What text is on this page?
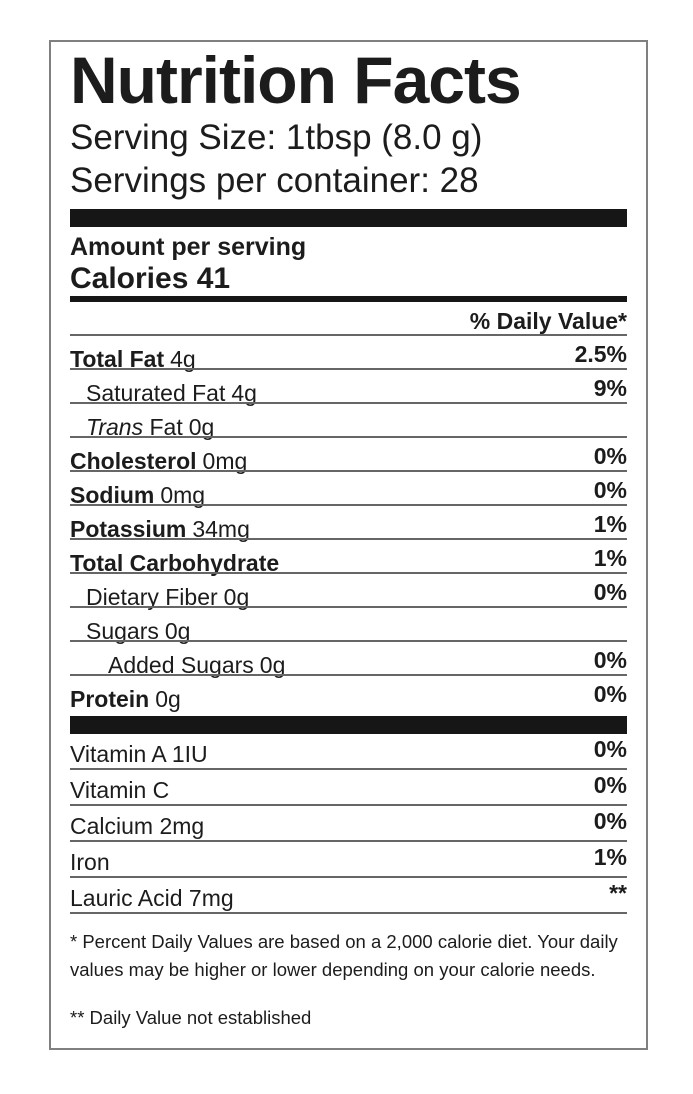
Nutrition Facts
Serving Size: 1tbsp (8.0 g)
Servings per container: 28
Amount per serving
Calories 41
% Daily Value*
Total Fat 4g	2.5%
Saturated Fat 4g	9%
Trans Fat 0g
Cholesterol 0mg	0%
Sodium 0mg	0%
Potassium 34mg	1%
Total Carbohydrate	1%
Dietary Fiber 0g	0%
Sugars 0g
Added Sugars 0g	0%
Protein 0g	0%
Vitamin A 1IU	0%
Vitamin C	0%
Calcium 2mg	0%
Iron	1%
Lauric Acid 7mg	**
* Percent Daily Values are based on a 2,000 calorie diet. Your daily values may be higher or lower depending on your calorie needs.
** Daily Value not established
